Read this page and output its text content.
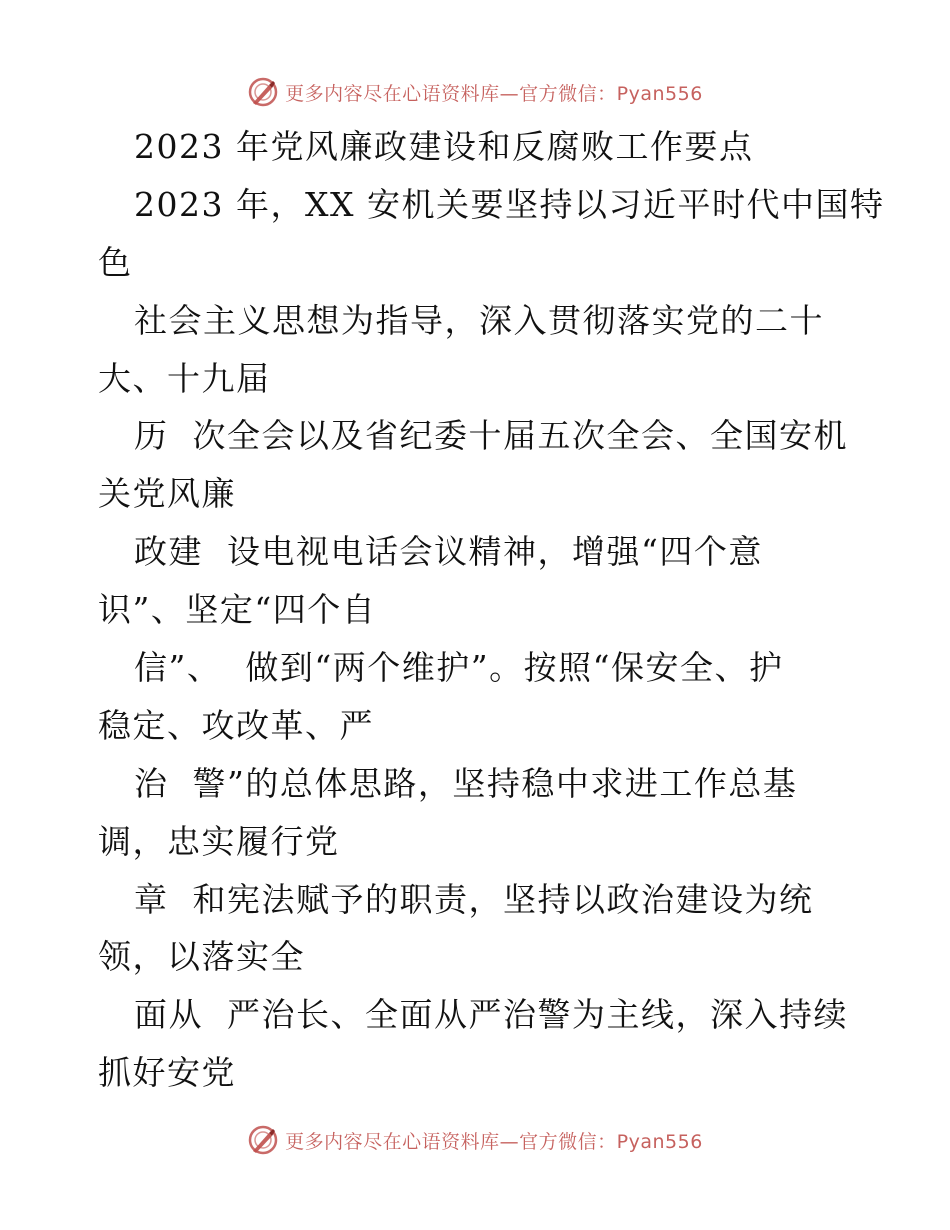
更多内容尽在心语资料库—官方微信：Pyan556
2023 年党风廉政建设和反腐败工作要点
2023 年，XX 安机关要坚持以习近平时代中国特
色
社会主义思想为指导，深入贯彻落实党的二十
大、十九届
历  次全会以及省纪委十届五次全会、全国安机
关党风廉
政建  设电视电话会议精神，增强“四个意
识”、坚定“四个自
信”、  做到“两个维护”。按照“保安全、护
稳定、攻改革、严
治  警”的总体思路，坚持稳中求进工作总基
调，忠实履行党
章  和宪法赋予的职责，坚持以政治建设为统
领，以落实全
面从  严治长、全面从严治警为主线，深入持续
抓好安党
更多内容尽在心语资料库—官方微信：Pyan556
